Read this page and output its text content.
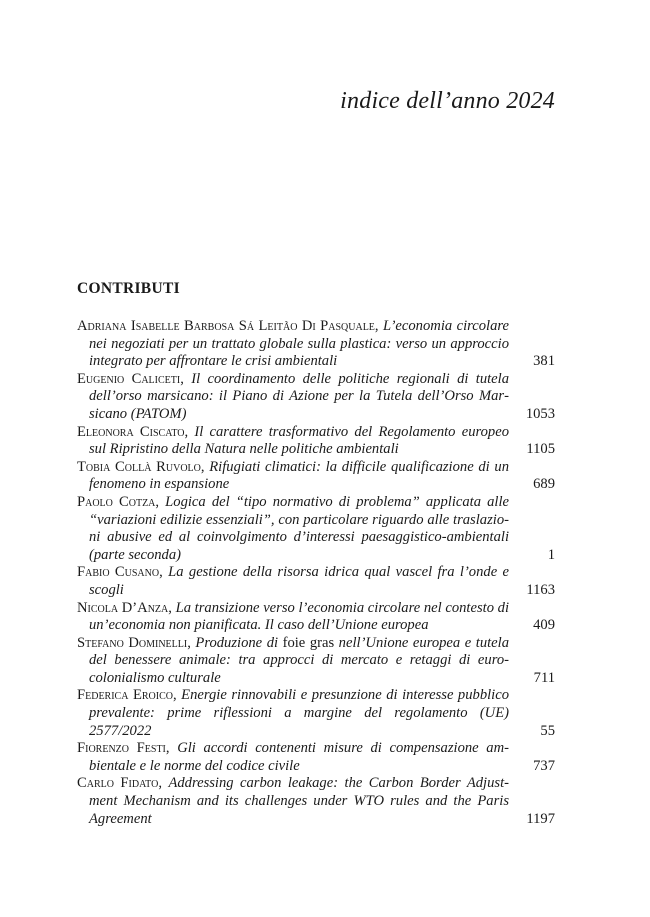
indice dell’anno 2024
CONTRIBUTI
Adriana Isabelle Barbosa Sá Leitão Di Pasquale, L’economia circolare nei negoziati per un trattato globale sulla plastica: verso un approccio integrato per affrontare le crisi ambientali	381
Eugenio Caliceti, Il coordinamento delle politiche regionali di tutela dell’orso marsicano: il Piano di Azione per la Tutela dell’Orso Marsicano (PATOM)	1053
Eleonora Ciscato, Il carattere trasformativo del Regolamento europeo sul Ripristino della Natura nelle politiche ambientali	1105
Tobia Collà Ruvolo, Rifugiati climatici: la difficile qualificazione di un fenomeno in espansione	689
Paolo Cotza, Logica del “tipo normativo di problema” applicata alle “variazioni edilizie essenziali”, con particolare riguardo alle traslazioni abusive ed al coinvolgimento d’interessi paesaggistico-ambientali (parte seconda)	1
Fabio Cusano, La gestione della risorsa idrica qual vascel fra l’onde e scogli	1163
Nicola D’Anza, La transizione verso l’economia circolare nel contesto di un’economia non pianificata. Il caso dell’Unione europea	409
Stefano Dominelli, Produzione di foie gras nell’Unione europea e tutela del benessere animale: tra approcci di mercato e retaggi di euro-colonialismo culturale	711
Federica Eroico, Energie rinnovabili e presunzione di interesse pubblico prevalente: prime riflessioni a margine del regolamento (UE) 2577/2022	55
Fiorenzo Festi, Gli accordi contenenti misure di compensazione ambientale e le norme del codice civile	737
Carlo Fidato, Addressing carbon leakage: the Carbon Border Adjustment Mechanism and its challenges under WTO rules and the Paris Agreement	1197
